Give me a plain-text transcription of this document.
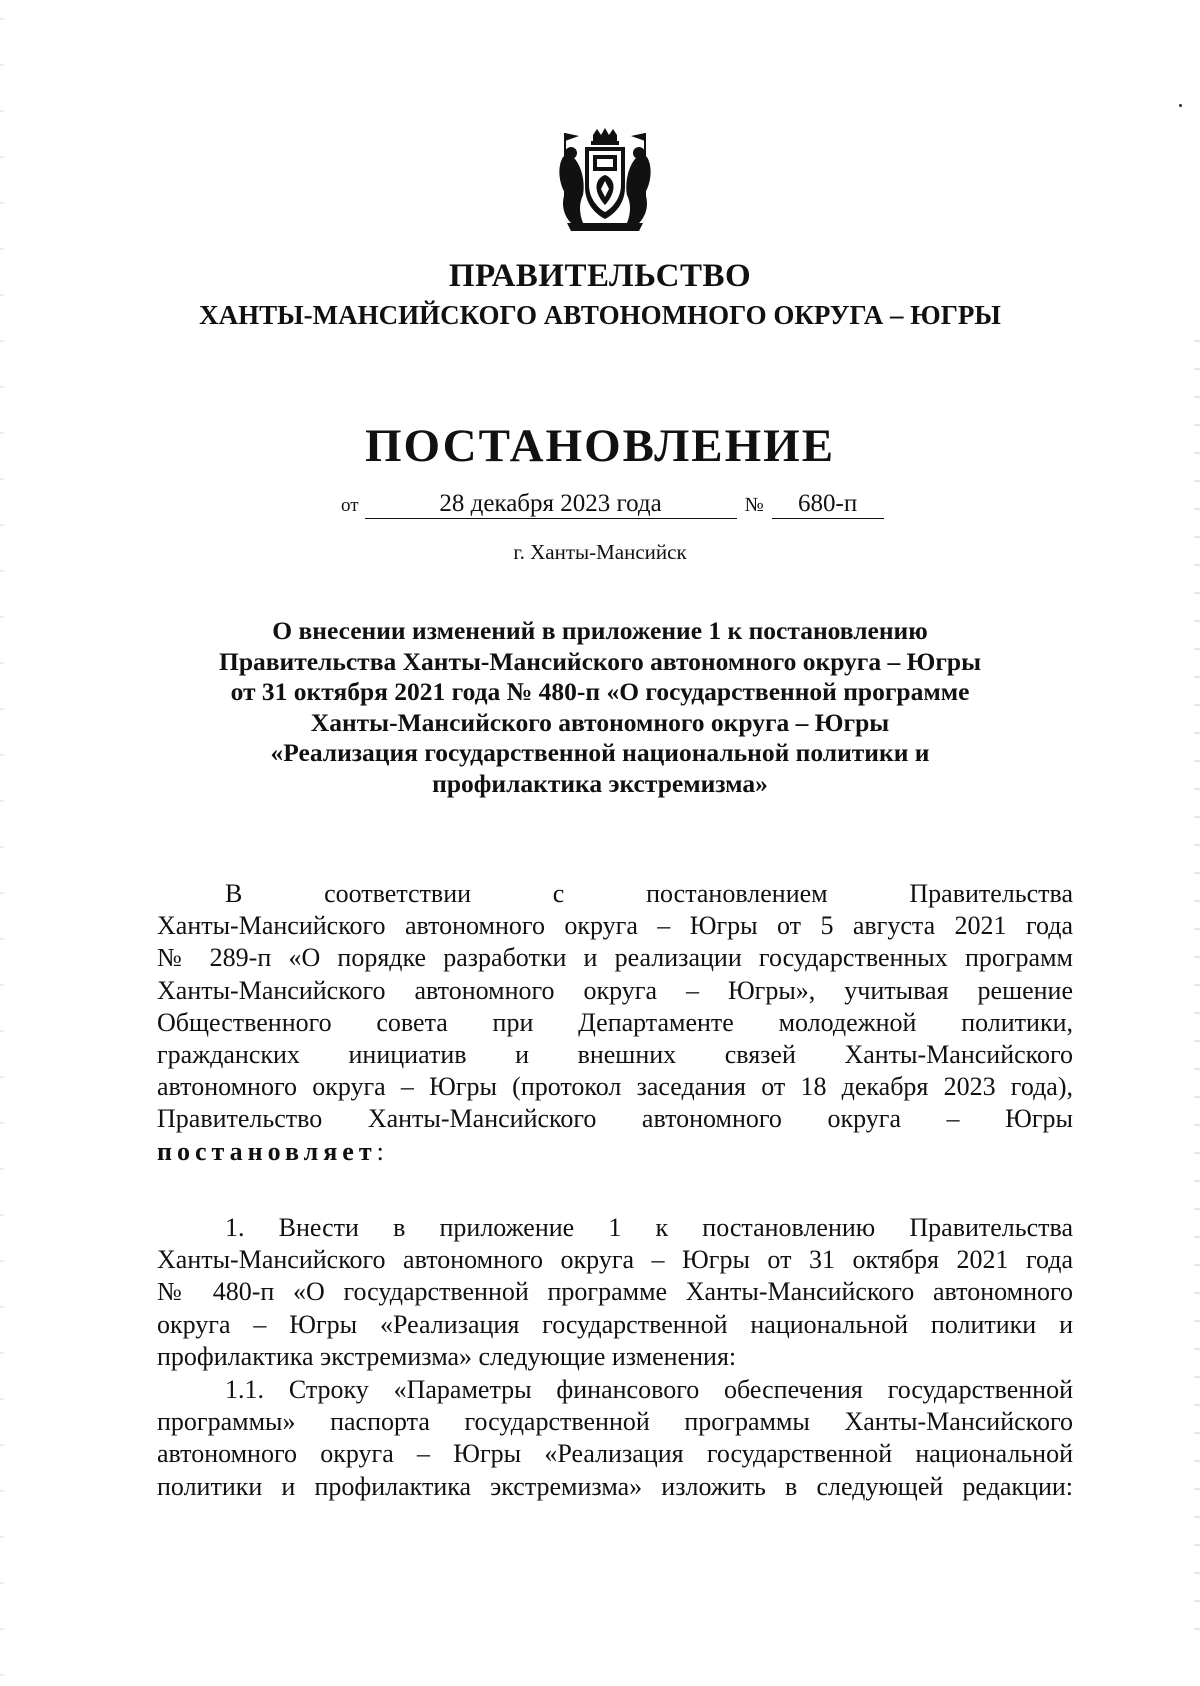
ПРАВИТЕЛЬСТВО
ХАНТЫ-МАНСИЙСКОГО АВТОНОМНОГО ОКРУГА – ЮГРЫ
ПОСТАНОВЛЕНИЕ
от	28 декабря 2023 года	№ 680-п
г. Ханты-Мансийск
О внесении изменений в приложение 1 к постановлению
Правительства Ханты-Мансийского автономного округа – Югры
от 31 октября 2021 года № 480-п «О государственной программе
Ханты-Мансийского автономного округа – Югры
«Реализация государственной национальной политики и
профилактика экстремизма»
В соответствии с постановлением Правительства
Ханты-Мансийского автономного округа – Югры от 5 августа 2021 года
№ 289-п «О порядке разработки и реализации государственных программ
Ханты-Мансийского автономного округа – Югры», учитывая решение
Общественного совета при Департаменте молодежной политики,
гражданских инициатив и внешних связей Ханты-Мансийского
автономного округа – Югры (протокол заседания от 18 декабря 2023 года),
Правительство Ханты-Мансийского автономного округа – Югры
постановляет:
1. Внести в приложение 1 к постановлению Правительства
Ханты-Мансийского автономного округа – Югры от 31 октября 2021 года
№ 480-п «О государственной программе Ханты-Мансийского автономного
округа – Югры «Реализация государственной национальной политики и
профилактика экстремизма» следующие изменения:
1.1. Строку «Параметры финансового обеспечения государственной
программы» паспорта государственной программы Ханты-Мансийского
автономного округа – Югры «Реализация государственной национальной
политики и профилактика экстремизма» изложить в следующей редакции:
